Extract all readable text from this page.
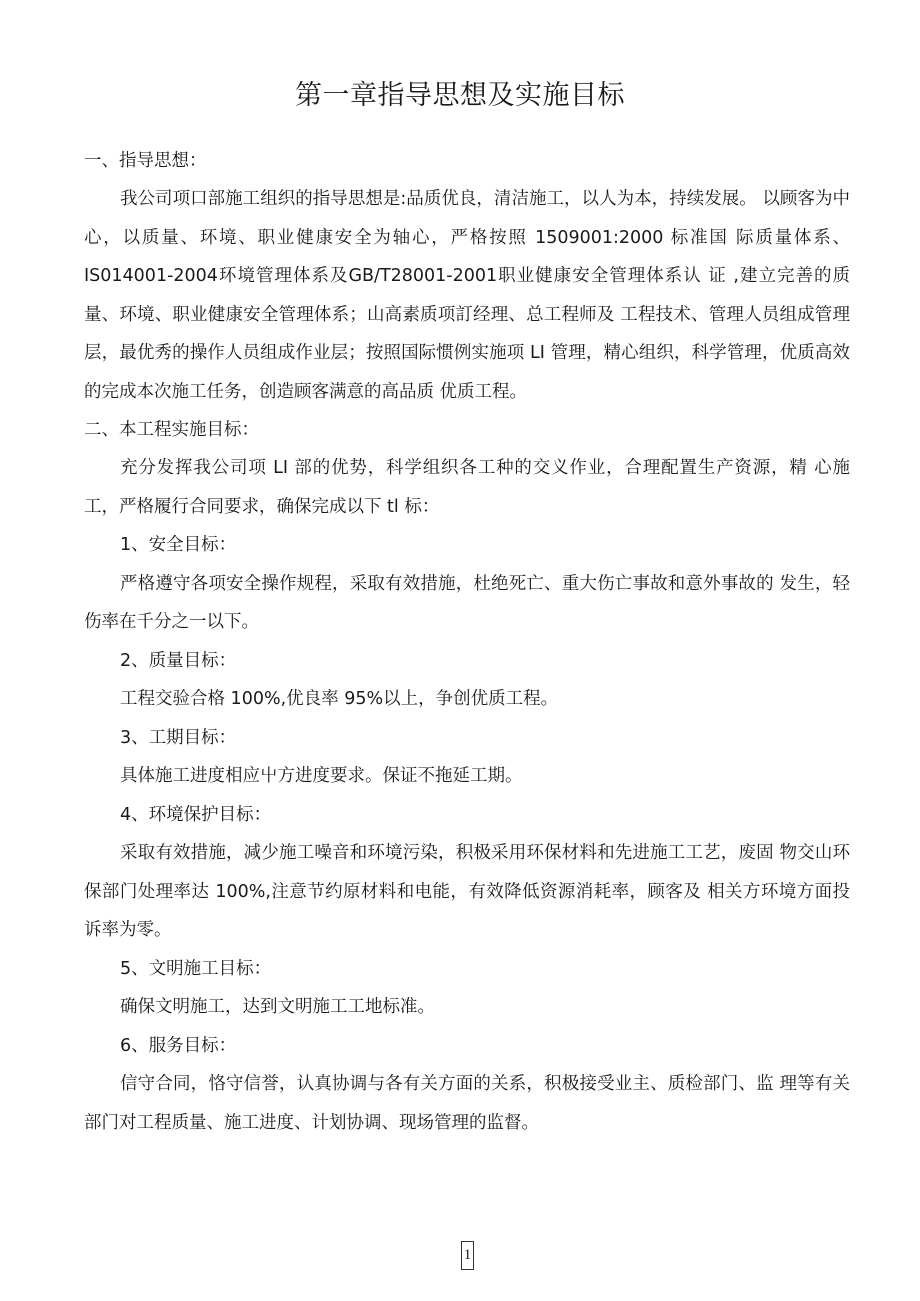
第一章指导思想及实施目标

一、指导思想：

我公司项口部施工组织的指导思想是:品质优良，清洁施工，以人为本，持续发展。 以顾客为中心，以质量、环境、职业健康安全为轴心，严格按照 1509001:2000 标准国 际质量体系、IS014001-2004环境管理体系及GB/T28001-2001职业健康安全管理体系认 证 ,建立完善的质量、环境、职业健康安全管理体系；山高素质项訂经理、总工程师及 工程技术、管理人员组成管理层，最优秀的操作人员组成作业层；按照国际惯例实施项 LI 管理，精心组织，科学管理，优质高效的完成本次施工任务，创造顾客满意的高品质 优质工程。

二、本工程实施目标：

充分发挥我公司项 LI 部的优势，科学组织各工种的交义作业，合理配置生产资源，精 心施工，严格履行合同要求，确保完成以下 tl 标：

1、安全目标：

严格遵守各项安全操作规程，采取有效措施，杜绝死亡、重大伤亡事故和意外事故的 发生，轻伤率在千分之一以下。

2、质量目标：

工程交验合格 100%,优良率 95%以上，争创优质工程。

3、工期目标：

具体施工进度相应屮方进度要求。保证不拖延工期。

4、环境保护目标：

采取有效措施，减少施工噪音和环境污染，积极采用环保材料和先进施工工艺，废固 物交山环保部门处理率达 100%,注意节约原材料和电能，有效降低资源消耗率，顾客及 相关方环境方面投诉率为零。

5、文明施工目标：

确保文明施工，达到文明施工工地标准。

6、服务目标：

信守合同，恪守信誉，认真协调与各有关方面的关系，积极接受业主、质检部门、监 理等有关部门对工程质量、施工进度、计划协调、现场管理的监督。

1
